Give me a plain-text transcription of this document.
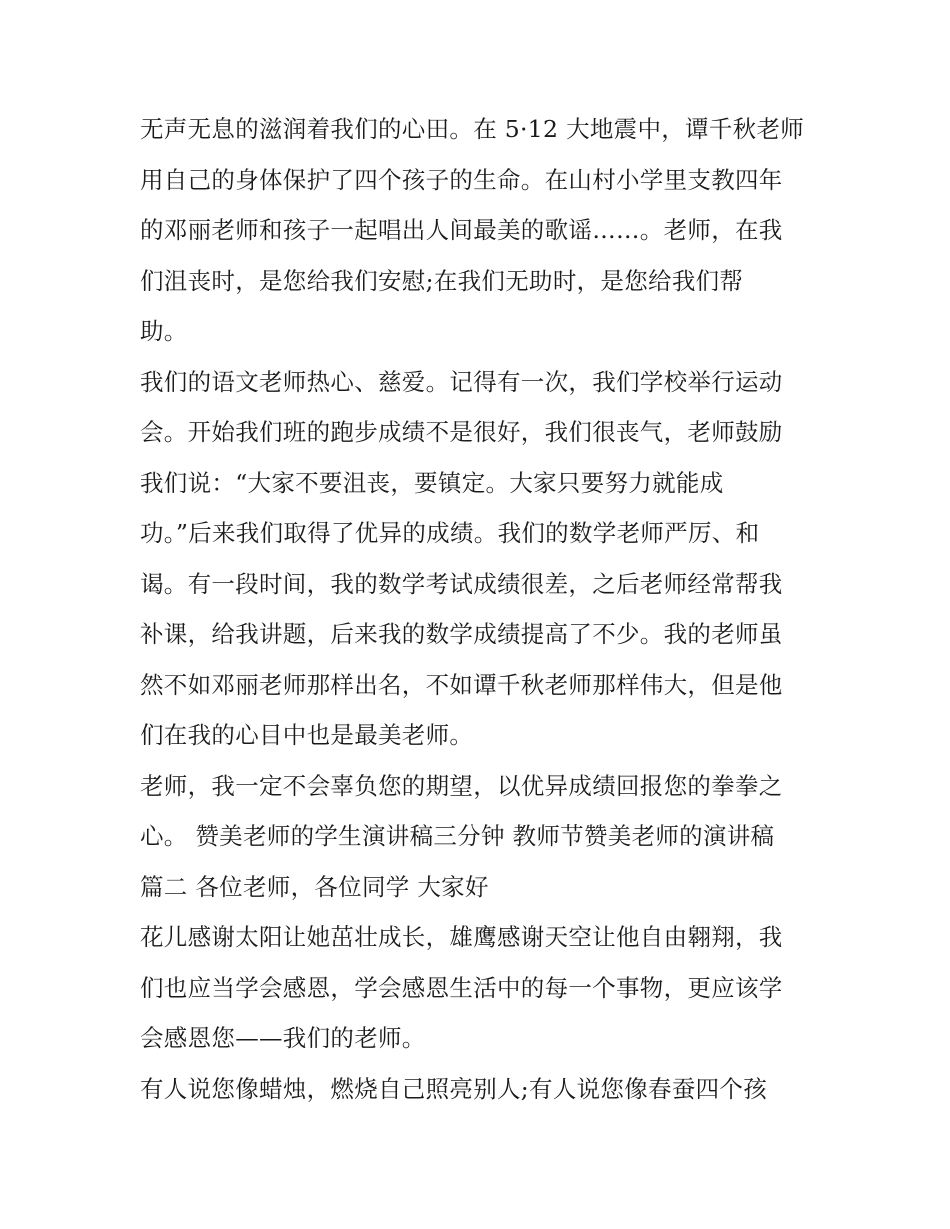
无声无息的滋润着我们的心田。在 5·12 大地震中，谭千秋老师
用自己的身体保护了四个孩子的生命。在山村小学里支教四年
的邓丽老师和孩子一起唱出人间最美的歌谣……。老师，在我
们沮丧时，是您给我们安慰;在我们无助时，是您给我们帮
助。
我们的语文老师热心、慈爱。记得有一次，我们学校举行运动
会。开始我们班的跑步成绩不是很好，我们很丧气，老师鼓励
我们说：“大家不要沮丧，要镇定。大家只要努力就能成
功。”后来我们取得了优异的成绩。我们的数学老师严厉、和
谒。有一段时间，我的数学考试成绩很差，之后老师经常帮我
补课，给我讲题，后来我的数学成绩提高了不少。我的老师虽
然不如邓丽老师那样出名，不如谭千秋老师那样伟大，但是他
们在我的心目中也是最美老师。
老师，我一定不会辜负您的期望，以优异成绩回报您的拳拳之
心。 赞美老师的学生演讲稿三分钟 教师节赞美老师的演讲稿
篇二 各位老师，各位同学 大家好
花儿感谢太阳让她茁壮成长，雄鹰感谢天空让他自由翱翔，我
们也应当学会感恩，学会感恩生活中的每一个事物，更应该学
会感恩您——我们的老师。
有人说您像蜡烛，燃烧自己照亮别人;有人说您像春蚕四个孩
